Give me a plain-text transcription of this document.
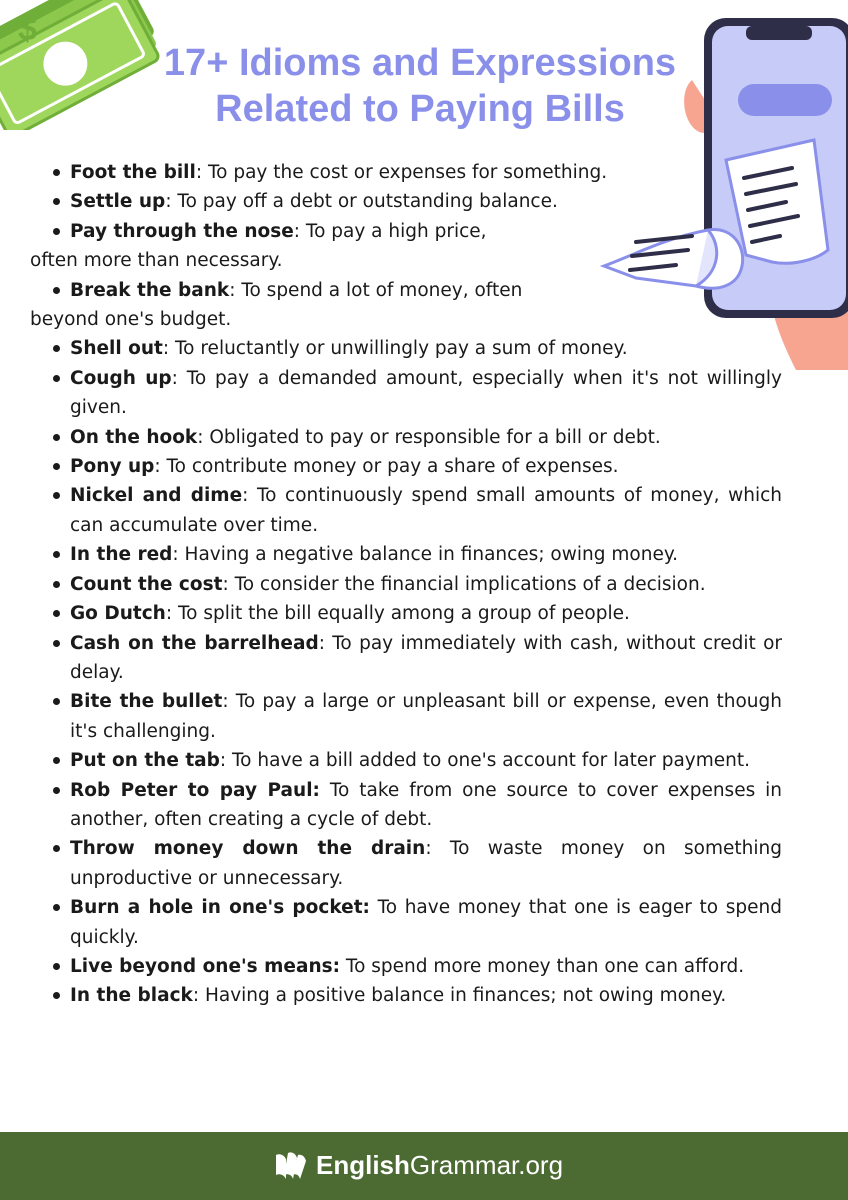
$
17+ Idioms and Expressions
Related to Paying Bills
Foot the bill: To pay the cost or expenses for something.
Settle up: To pay off a debt or outstanding balance.
Pay through the nose: To pay a high price,
often more than necessary.
Break the bank: To spend a lot of money, often
beyond one's budget.
Shell out: To reluctantly or unwillingly pay a sum of money.
Cough up: To pay a demanded amount, especially when it's not willingly given.
On the hook: Obligated to pay or responsible for a bill or debt.
Pony up: To contribute money or pay a share of expenses.
Nickel and dime: To continuously spend small amounts of money, which can accumulate over time.
In the red: Having a negative balance in finances; owing money.
Count the cost: To consider the financial implications of a decision.
Go Dutch: To split the bill equally among a group of people.
Cash on the barrelhead: To pay immediately with cash, without credit or delay.
Bite the bullet: To pay a large or unpleasant bill or expense, even though it's challenging.
Put on the tab: To have a bill added to one's account for later payment.
Rob Peter to pay Paul: To take from one source to cover expenses in another, often creating a cycle of debt.
Throw money down the drain: To waste money on something unproductive or unnecessary.
Burn a hole in one's pocket: To have money that one is eager to spend quickly.
Live beyond one's means: To spend more money than one can afford.
In the black: Having a positive balance in finances; not owing money.
English Grammar.org
